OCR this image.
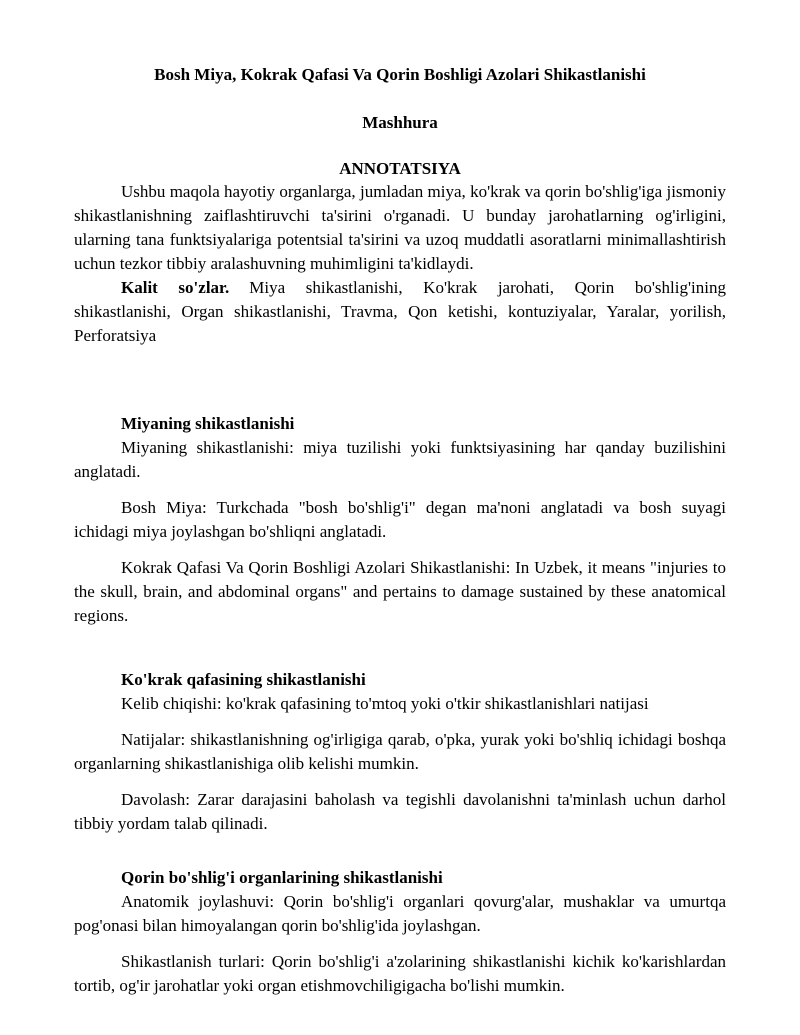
Bosh Miya, Kokrak Qafasi Va Qorin Boshligi Azolari Shikastlanishi
Mashhura
ANNOTATSIYA

Ushbu maqola hayotiy organlarga, jumladan miya, ko'krak va qorin bo'shlig'iga jismoniy shikastlanishning zaiflashtiruvchi ta'sirini o'rganadi. U bunday jarohatlarning og'irligini, ularning tana funktsiyalariga potentsial ta'sirini va uzoq muddatli asoratlarni minimallashtirish uchun tezkor tibbiy aralashuvning muhimligini ta'kidlaydi.

Kalit so'zlar. Miya shikastlanishi, Ko'krak jarohati, Qorin bo'shlig'ining shikastlanishi, Organ shikastlanishi, Travma, Qon ketishi, kontuziyalar, Yaralar, yorilish, Perforatsiya

Miyaning shikastlanishi

Miyaning shikastlanishi: miya tuzilishi yoki funktsiyasining har qanday buzilishini anglatadi.

Bosh Miya: Turkchada "bosh bo'shlig'i" degan ma'noni anglatadi va bosh suyagi ichidagi miya joylashgan bo'shliqni anglatadi.

Kokrak Qafasi Va Qorin Boshligi Azolari Shikastlanishi: In Uzbek, it means "injuries to the skull, brain, and abdominal organs" and pertains to damage sustained by these anatomical regions.

Ko'krak qafasining shikastlanishi

Kelib chiqishi: ko'krak qafasining to'mtoq yoki o'tkir shikastlanishlari natijasi

Natijalar: shikastlanishning og'irligiga qarab, o'pka, yurak yoki bo'shliq ichidagi boshqa organlarning shikastlanishiga olib kelishi mumkin.

Davolash: Zarar darajasini baholash va tegishli davolanishni ta'minlash uchun darhol tibbiy yordam talab qilinadi.

Qorin bo'shlig'i organlarining shikastlanishi

Anatomik joylashuvi: Qorin bo'shlig'i organlari qovurg'alar, mushaklar va umurtqa pog'onasi bilan himoyalangan qorin bo'shlig'ida joylashgan.

Shikastlanish turlari: Qorin bo'shlig'i a'zolarining shikastlanishi kichik ko'karishlardan tortib, og'ir jarohatlar yoki organ etishmovchiligigacha bo'lishi mumkin.
